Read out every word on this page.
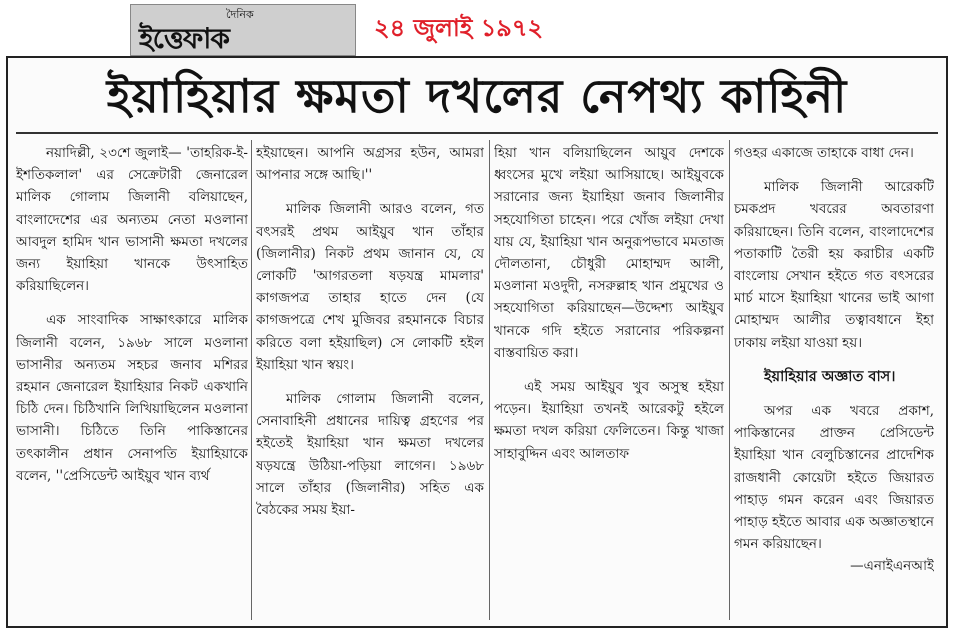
দৈনিক
ইত্তেফাক	২৪ জুলাই ১৯৭২
ইয়াহিয়ার ক্ষমতা দখলের নেপথ্য কাহিনী

নয়াদিল্লী, ২৩শে জুলাই— 'তাহরিক-ই-ইশতিকলাল' এর সেক্রেটারী জেনারেল মালিক গোলাম জিলানী বলিয়াছেন, বাংলাদেশের এর অন্যতম নেতা মওলানা আবদুল হামিদ খান ভাসানী ক্ষমতা দখলের জন্য ইয়াহিয়া খানকে উৎসাহিত করিয়াছিলেন।

এক সাংবাদিক সাক্ষাৎকারে মালিক জিলানী বলেন, ১৯৬৮ সালে মওলানা ভাসানীর অন্যতম সহচর জনাব মশিরর রহমান জেনারেল ইয়াহিয়ার নিকট একখানি চিঠি দেন। চিঠিখানি লিখিয়াছিলেন মওলানা ভাসানী। চিঠিতে তিনি পাকিস্তানের তৎকালীন প্রধান সেনাপতি ইয়াহিয়াকে বলেন, ''প্রেসিডেন্ট আইয়ুব খান ব্যর্থ

হইয়াছেন। আপনি অগ্রসর হউন, আমরা আপনার সঙ্গে আছি।''

মালিক জিলানী আরও বলেন, গত বৎসরই প্রথম আইয়ুব খান তাঁহার (জিলানীর) নিকট প্রথম জানান যে, যে লোকটি 'আগরতলা ষড়যন্ত্র মামলার' কাগজপত্র তাহার হাতে দেন (যে কাগজপত্রে শেখ মুজিবর রহমানকে বিচার করিতে বলা হইয়াছিল) সে লোকটি হইল ইয়াহিয়া খান স্বয়ং।

মালিক গোলাম জিলানী বলেন, সেনাবাহিনী প্রধানের দায়িত্ব গ্রহণের পর হইতেই ইয়াহিয়া খান ক্ষমতা দখলের ষড়যন্ত্রে উঠিয়া-পড়িয়া লাগেন। ১৯৬৮ সালে তাঁহার (জিলানীর) সহিত এক বৈঠকের সময় ইয়া-

হিয়া খান বলিয়াছিলেন আয়ুব দেশকে ধ্বংসের মুখে লইয়া আসিয়াছে। আইয়ুবকে সরানোর জন্য ইয়াহিয়া জনাব জিলানীর সহযোগিতা চাহেন। পরে খোঁজ লইয়া দেখা যায় যে, ইয়াহিয়া খান অনুরূপভাবে মমতাজ দৌলতানা, চৌধুরী মোহাম্মদ আলী, মওলানা মওদুদী, নসরুল্লাহ খান প্রমুখের ও সহযোগিতা করিয়াছেন—উদ্দেশ্য আইয়ুব খানকে গদি হইতে সরানোর পরিকল্পনা বাস্তবায়িত করা।

এই সময় আইয়ুব খুব অসুস্থ হইয়া পড়েন। ইয়াহিয়া তখনই আরেকটু হইলে ক্ষমতা দখল করিয়া ফেলিতেন। কিন্তু খাজা সাহাবুদ্দিন এবং আলতাফ

গওহর একাজে তাহাকে বাধা দেন।

মালিক জিলানী আরেকটি চমকপ্রদ খবরের অবতারণা করিয়াছেন। তিনি বলেন, বাংলাদেশের পতাকাটি তৈরী হয় করাচীর একটি বাংলোয় সেখান হইতে গত বৎসরের মার্চ মাসে ইয়াহিয়া খানের ভাই আগা মোহাম্মদ আলীর তত্বাবধানে ইহা ঢাকায় লইয়া যাওয়া হয়।

ইয়াহিয়ার অজ্ঞাত বাস।

অপর এক খবরে প্রকাশ, পাকিস্তানের প্রাক্তন প্রেসিডেন্ট ইয়াহিয়া খান বেলুচিস্তানের প্রাদেশিক রাজধানী কোয়েটা হইতে জিয়ারত পাহাড় গমন করেন এবং জিয়ারত পাহাড় হইতে আবার এক অজ্ঞাতস্থানে গমন করিয়াছেন।

—এনাইএনআই
